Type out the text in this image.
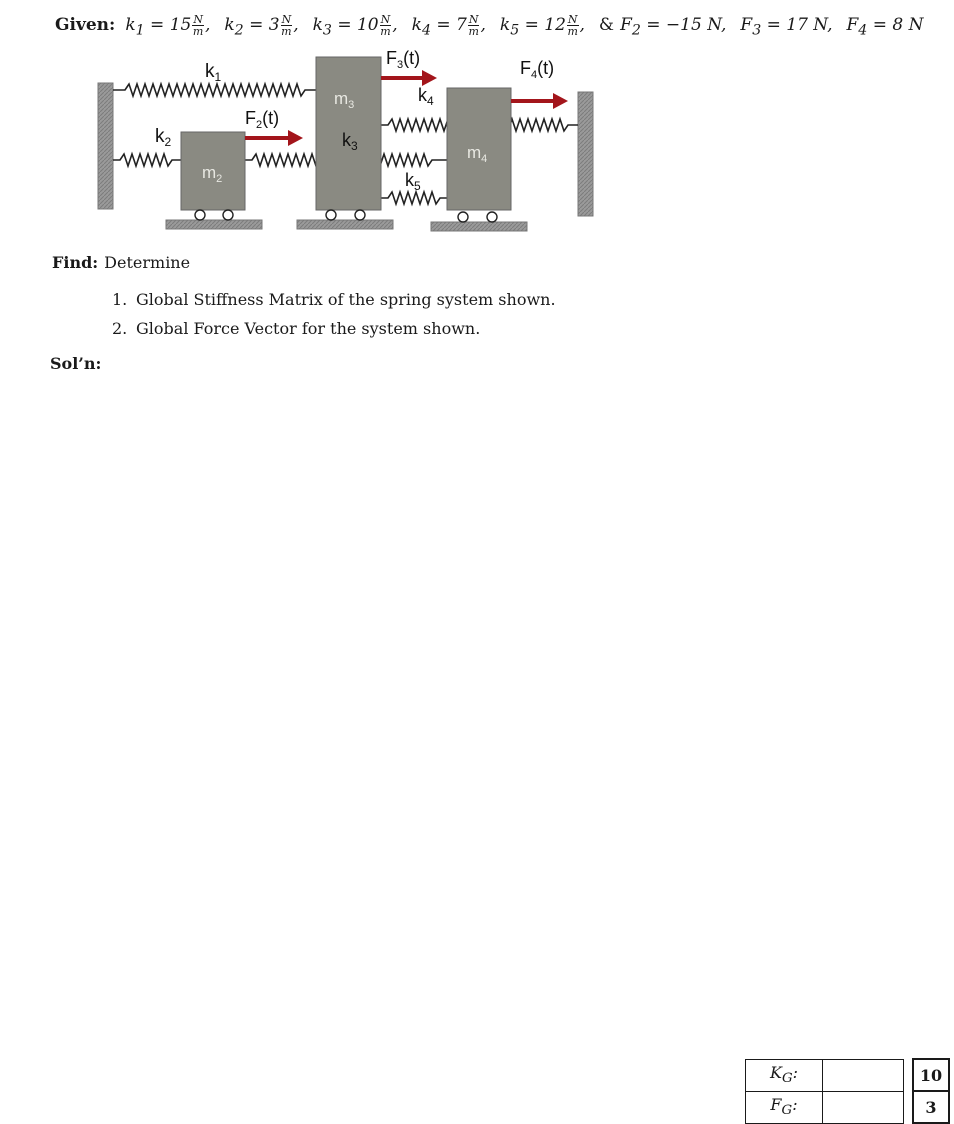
Given: $k_1 = 15 \frac{N}{m}$ , $k_2 = 3 \frac{N}{m}$ , $k_3 = 10 \frac{N}{m}$ , $k_4 = 7 \frac{N}{m}$ , $k_5 = 12 \frac{N}{m}$ , & $F_2 = -15$ N, $F_3 = 17$ N, $F_4 = 8$ N
$k_1$
$k_2$	$k_3$
$k_4$
$k_5$
$m_2$
$m_3$
$m_4$
$F_2(t)$
$F_3(t)$	$F_4(t)$
Find: Determine
1. Global Stiffness Matrix of the spring system shown.
2. Global Force Vector for the system shown.
Sol’n:
$K_G$:			10
$F_G$:			3
